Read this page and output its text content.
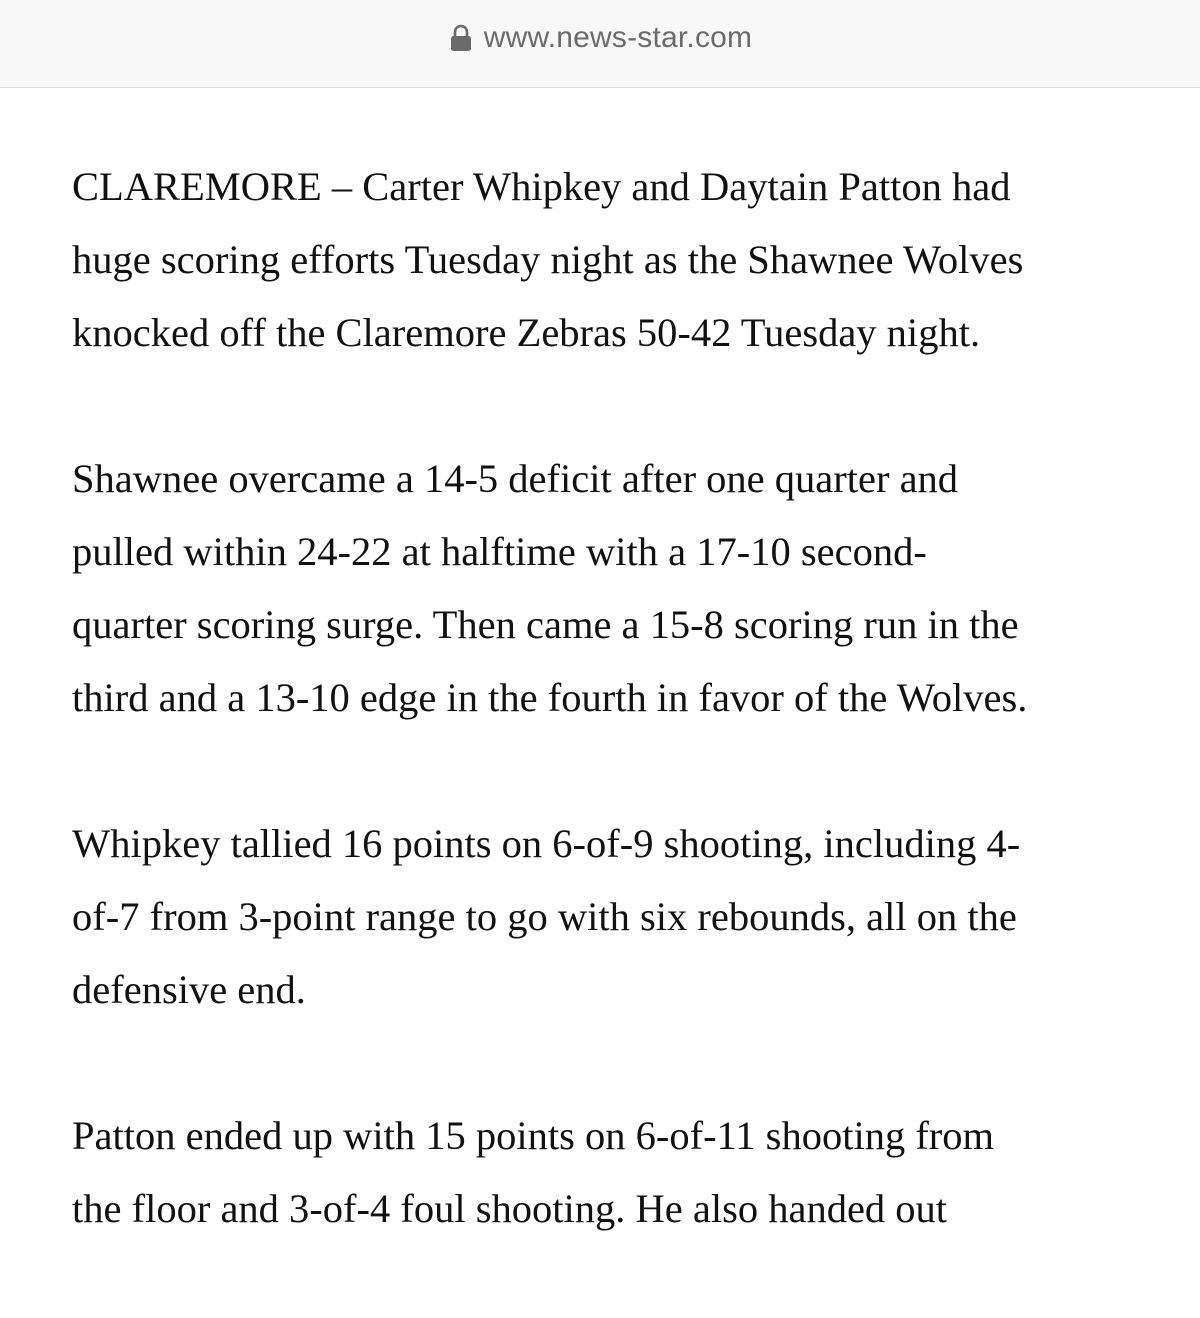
www.news-star.com

CLAREMORE – Carter Whipkey and Daytain Patton had
huge scoring efforts Tuesday night as the Shawnee Wolves
knocked off the Claremore Zebras 50-42 Tuesday night.

Shawnee overcame a 14-5 deficit after one quarter and
pulled within 24-22 at halftime with a 17-10 second-
quarter scoring surge. Then came a 15-8 scoring run in the
third and a 13-10 edge in the fourth in favor of the Wolves.

Whipkey tallied 16 points on 6-of-9 shooting, including 4-
of-7 from 3-point range to go with six rebounds, all on the
defensive end.

Patton ended up with 15 points on 6-of-11 shooting from
the floor and 3-of-4 foul shooting. He also handed out
